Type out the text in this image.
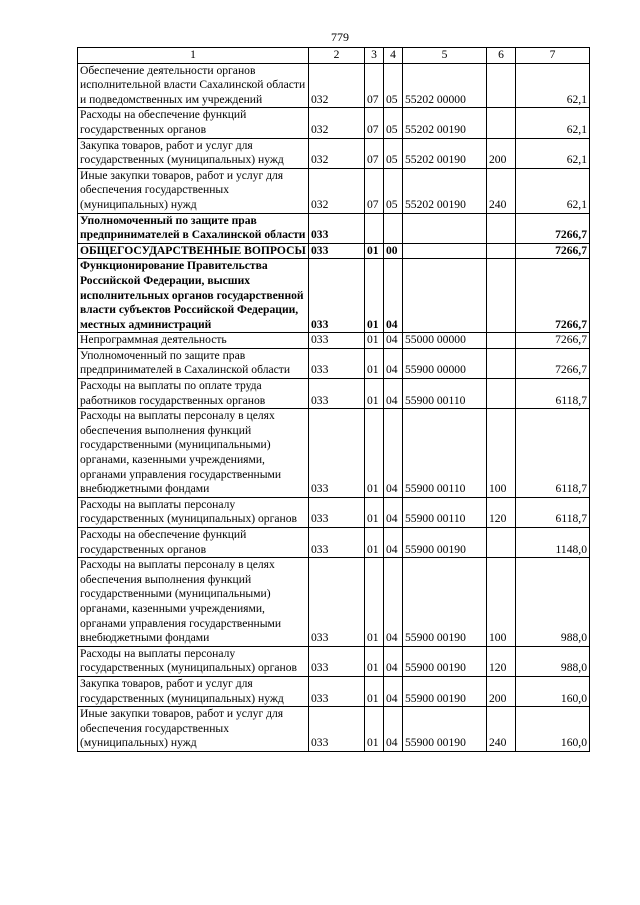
779
1	2	3	4	5	6	7
Обеспечение деятельности органов исполнительной власти Сахалинской области и подведомственных им учреждений	032	07	05	55202 00000		62,1
Расходы на обеспечение функций государственных органов	032	07	05	55202 00190		62,1
Закупка товаров, работ и услуг для государственных (муниципальных) нужд	032	07	05	55202 00190	200	62,1
Иные закупки товаров, работ и услуг для обеспечения государственных (муниципальных) нужд	032	07	05	55202 00190	240	62,1
Уполномоченный по защите прав предпринимателей в Сахалинской области	033					7266,7
ОБЩЕГОСУДАРСТВЕННЫЕ ВОПРОСЫ	033	01	00			7266,7
Функционирование Правительства Российской Федерации, высших исполнительных органов государственной власти субъектов Российской Федерации, местных администраций	033	01	04			7266,7
Непрограммная деятельность	033	01	04	55000 00000		7266,7
Уполномоченный по защите прав предпринимателей в Сахалинской области	033	01	04	55900 00000		7266,7
Расходы на выплаты по оплате труда работников государственных органов	033	01	04	55900 00110		6118,7
Расходы на выплаты персоналу в целях обеспечения выполнения функций государственными (муниципальными) органами, казенными учреждениями, органами управления государственными внебюджетными фондами	033	01	04	55900 00110	100	6118,7
Расходы на выплаты персоналу государственных (муниципальных) органов	033	01	04	55900 00110	120	6118,7
Расходы на обеспечение функций государственных органов	033	01	04	55900 00190		1148,0
Расходы на выплаты персоналу в целях обеспечения выполнения функций государственными (муниципальными) органами, казенными учреждениями, органами управления государственными внебюджетными фондами	033	01	04	55900 00190	100	988,0
Расходы на выплаты персоналу государственных (муниципальных) органов	033	01	04	55900 00190	120	988,0
Закупка товаров, работ и услуг для государственных (муниципальных) нужд	033	01	04	55900 00190	200	160,0
Иные закупки товаров, работ и услуг для обеспечения государственных (муниципальных) нужд	033	01	04	55900 00190	240	160,0
